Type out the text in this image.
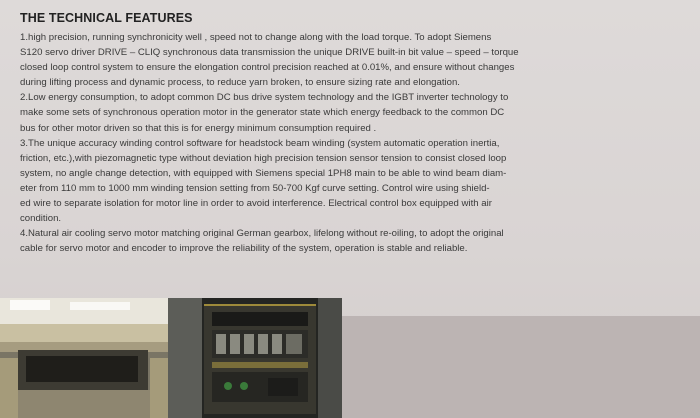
THE TECHNICAL FEATURES
1.high precision, running synchronicity well , speed not to change along with the load torque. To adopt Siemens
S120 servo driver DRIVE – CLIQ synchronous data transmission the unique DRIVE built-in bit value – speed – torque
closed loop control system to ensure the elongation control precision reached at 0.01%, and ensure without changes
during lifting process and dynamic process, to reduce yarn broken, to ensure sizing rate and elongation.
2.Low energy consumption, to adopt common DC bus drive system technology and the IGBT inverter technology to
make some sets of synchronous operation motor in the generator state which energy feedback to the common DC
bus for other motor driven so that this is for energy minimum consumption required .
3.The unique accuracy winding control software for headstock beam winding (system automatic operation inertia,
friction, etc.),with piezomagnetic type without deviation high precision tension sensor tension to consist closed loop
system, no angle change detection, with equipped with Siemens special 1PH8 main to be able to wind beam diam-
eter from 110 mm to 1000 mm winding tension setting from 50-700 Kgf curve setting. Control wire using shield-
ed wire to separate isolation for motor line in order to avoid interference. Electrical control box equipped with air
condition.
4.Natural air cooling servo motor matching original German gearbox, lifelong without re-oiling, to adopt the original
cable for servo motor and encoder to improve the reliability of the system, operation is stable and reliable.
